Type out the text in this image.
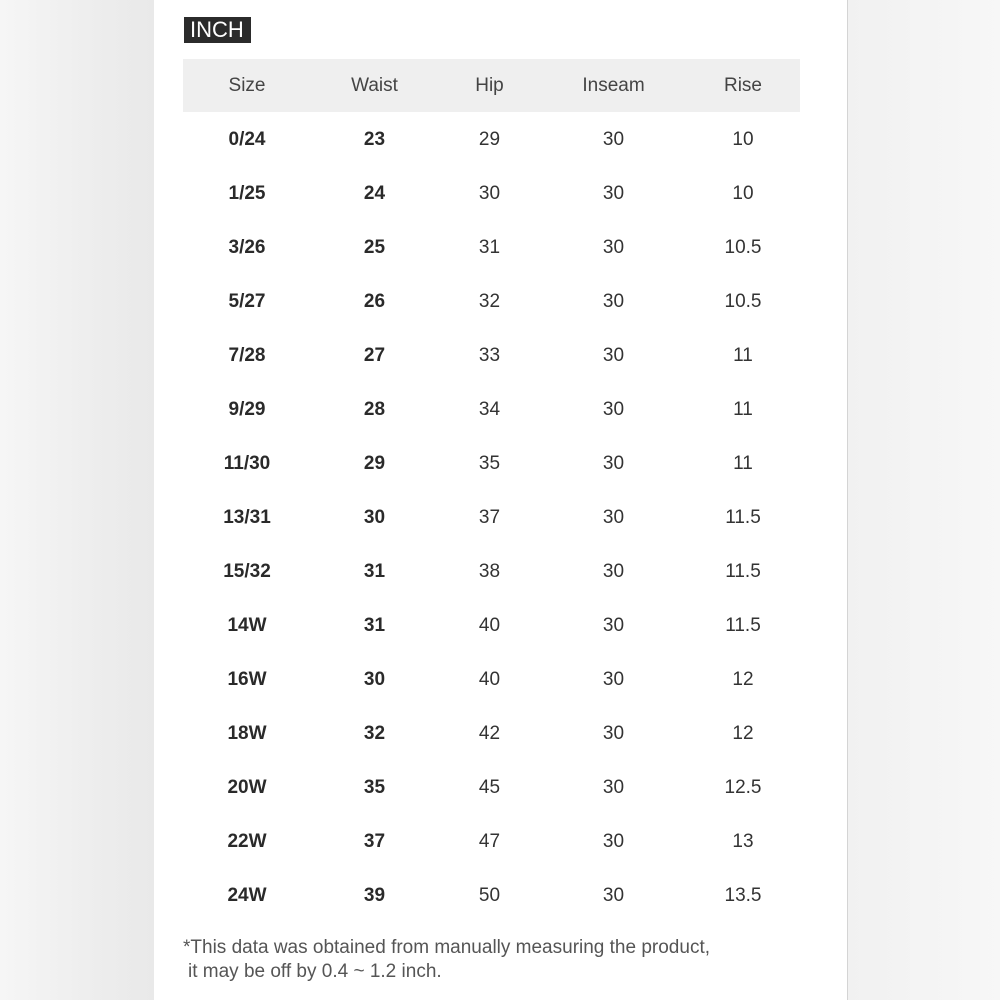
INCH
Size	Waist	Hip	Inseam	Rise
0/24	23	29	30	10
1/25	24	30	30	10
3/26	25	31	30	10.5
5/27	26	32	30	10.5
7/28	27	33	30	11
9/29	28	34	30	11
11/30	29	35	30	11
13/31	30	37	30	11.5
15/32	31	38	30	11.5
14W	31	40	30	11.5
16W	30	40	30	12
18W	32	42	30	12
20W	35	45	30	12.5
22W	37	47	30	13
24W	39	50	30	13.5
*This data was obtained from manually measuring the product,
it may be off by 0.4 ~ 1.2 inch.
